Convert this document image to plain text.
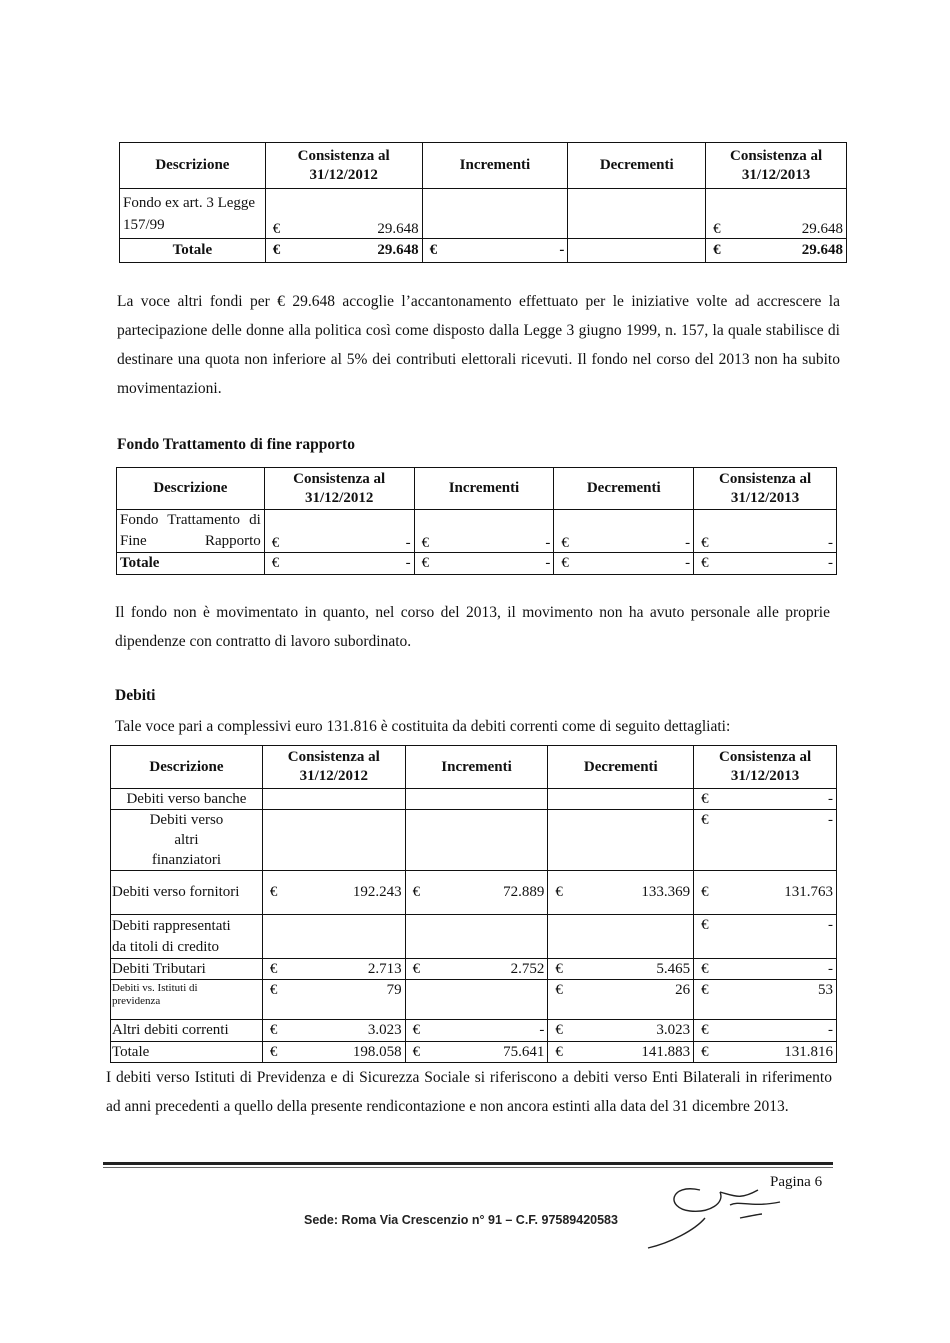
Descrizione	Consistenza al 31/12/2012	Incrementi	Decrementi	Consistenza al 31/12/2013
Fondo ex art. 3 Legge 157/99	€ 29.648			€ 29.648

Totale	€ 29.648	€ -		€ 29.648
La voce altri fondi per € 29.648 accoglie l’accantonamento effettuato per le iniziative volte ad accrescere la partecipazione delle donne alla politica così come disposto dalla Legge 3 giugno 1999, n. 157, la quale stabilisce di destinare una quota non inferiore al 5% dei contributi elettorali ricevuti. Il fondo nel corso del 2013 non ha subito movimentazioni.
Fondo Trattamento di fine rapporto
Descrizione	Consistenza al 31/12/2012	Incrementi	Decrementi	Consistenza al 31/12/2013
Fondo Trattamento di Fine Rapporto	€ -	€ -	€ -	€ -

Totale	€ -	€ -	€ -	€ -
Il fondo non è movimentato in quanto, nel corso del 2013, il movimento non ha avuto personale alle proprie dipendenze con contratto di lavoro subordinato.
Debiti
Tale voce pari a complessivi euro 131.816 è costituita da debiti correnti come di seguito dettagliati:
Descrizione	Consistenza al 31/12/2012	Incrementi	Decrementi	Consistenza al 31/12/2013
Debiti verso banche				€ -

Debiti verso altri finanziatori				€ -

Debiti verso fornitori	€ 192.243	€ 72.889	€ 133.369	€ 131.763

Debiti rappresentati da titoli di credito				€ -

Debiti Tributari	€ 2.713	€ 2.752	€ 5.465	€ -

Debiti vs. Istituti di previdenza	€ 79		€ 26	€ 53

Altri debiti correnti	€ 3.023	€ -	€ 3.023	€ -

Totale	€ 198.058	€ 75.641	€ 141.883	€ 131.816
I debiti verso Istituti di Previdenza e di Sicurezza Sociale si riferiscono a debiti verso Enti Bilaterali in riferimento ad anni precedenti a quello della presente rendicontazione e non ancora estinti alla data del 31 dicembre 2013.
Pagina 6
Sede: Roma Via Crescenzio n° 91 – C.F. 97589420583
